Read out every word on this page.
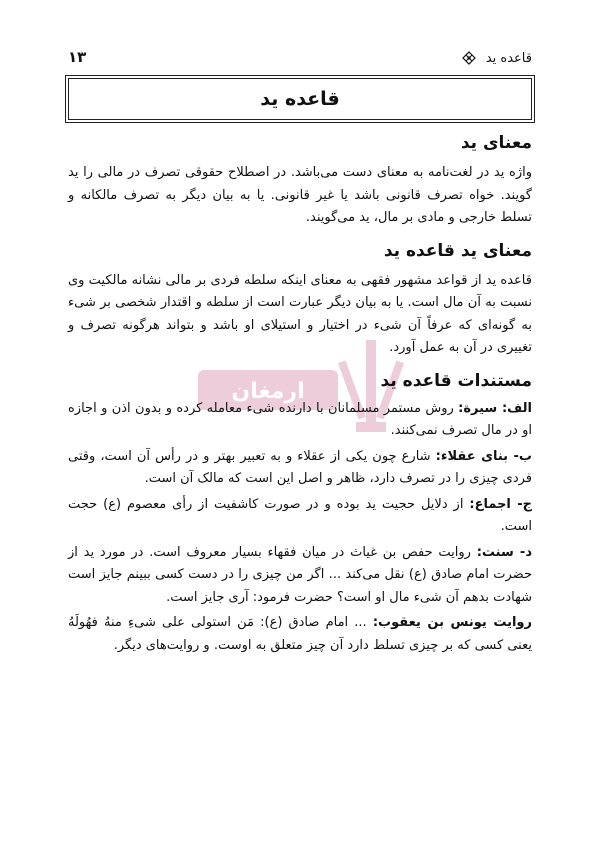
قاعده ید
۱۳
قاعده ید
ارمغان
معنای ید

واژه ید در لغت‌نامه به معنای دست می‌باشد. در اصطلاح حقوقی تصرف در مالی را ید گویند. خواه تصرف قانونی باشد یا غیر قانونی. یا به بیان دیگر به تصرف مالکانه و تسلط خارجی و مادی بر مال، ید می‌گویند.

معنای ید قاعده ید

قاعده ید از قواعد مشهور فقهی به معنای اینکه سلطه فردی بر مالی نشانه مالکیت وی نسبت به آن مال است. یا به بیان دیگر عبارت است از سلطه و اقتدار شخصی بر شیء به گونه‌ای که عرفاً آن شیء در اختیار و استیلای او باشد و بتواند هرگونه تصرف و تغییری در آن به عمل آورد.

مستندات قاعده ید

الف: سیرة: روش مستمر مسلمانان با دارنده شیء معامله کرده و بدون اذن و اجازه او در مال تصرف نمی‌کنند.

ب- بنای عقلاء: شارع چون یکی از عقلاء و به تعبیر بهتر و در رأس آن است، وقتی فردی چیزی را در تصرف دارد، ظاهر و اصل این است که مالک آن است.

ج- اجماع: از دلایل حجیت ید بوده و در صورت کاشفیت از رأی معصوم (ع) حجت است.

د- سنت: روایت حفص بن غیاث در میان فقهاء بسیار معروف است. در مورد ید از حضرت امام صادق (ع) نقل می‌کند ... اگر من چیزی را در دست کسی ببینم جایز است شهادت بدهم آن شیء مال او است؟ حضرت فرمود: آری جایز است.

روایت یونس بن یعقوب: ... امام صادق (ع): مَن استولی علی شیءِ منهُ فهُولَهُ یعنی کسی که بر چیزی تسلط دارد آن چیز متعلق به اوست. و روایت‌های دیگر.
